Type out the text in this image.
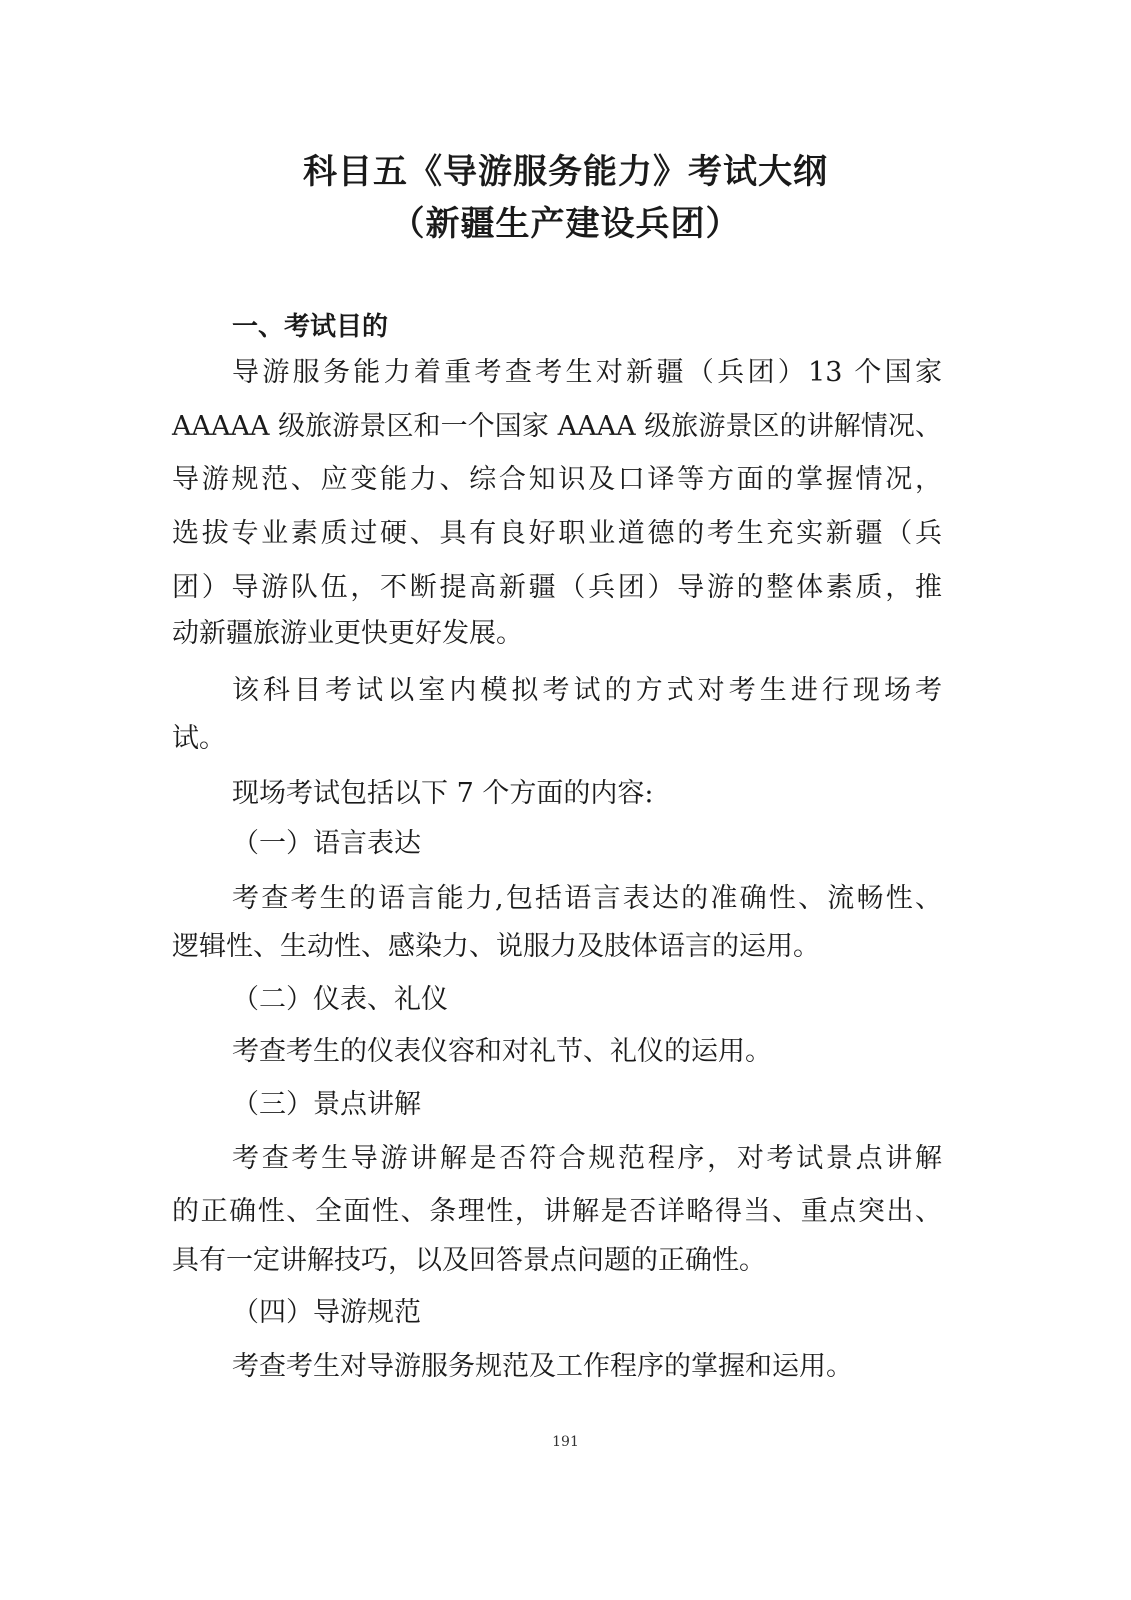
科目五《导游服务能力》考试大纲
（新疆生产建设兵团）
一、考试目的
导游服务能力着重考查考生对新疆（兵团）13 个国家
AAAAA 级旅游景区和一个国家 AAAA 级旅游景区的讲解情况、
导游规范、应变能力、综合知识及口译等方面的掌握情况，
选拔专业素质过硬、具有良好职业道德的考生充实新疆（兵
团）导游队伍，不断提高新疆（兵团）导游的整体素质，推
动新疆旅游业更快更好发展。
该科目考试以室内模拟考试的方式对考生进行现场考
试。
现场考试包括以下 7 个方面的内容:
（一）语言表达
考查考生的语言能力,包括语言表达的准确性、流畅性、
逻辑性、生动性、感染力、说服力及肢体语言的运用。
（二）仪表、礼仪
考查考生的仪表仪容和对礼节、礼仪的运用。
（三）景点讲解
考查考生导游讲解是否符合规范程序，对考试景点讲解
的正确性、全面性、条理性，讲解是否详略得当、重点突出、
具有一定讲解技巧，以及回答景点问题的正确性。
（四）导游规范
考查考生对导游服务规范及工作程序的掌握和运用。
191
